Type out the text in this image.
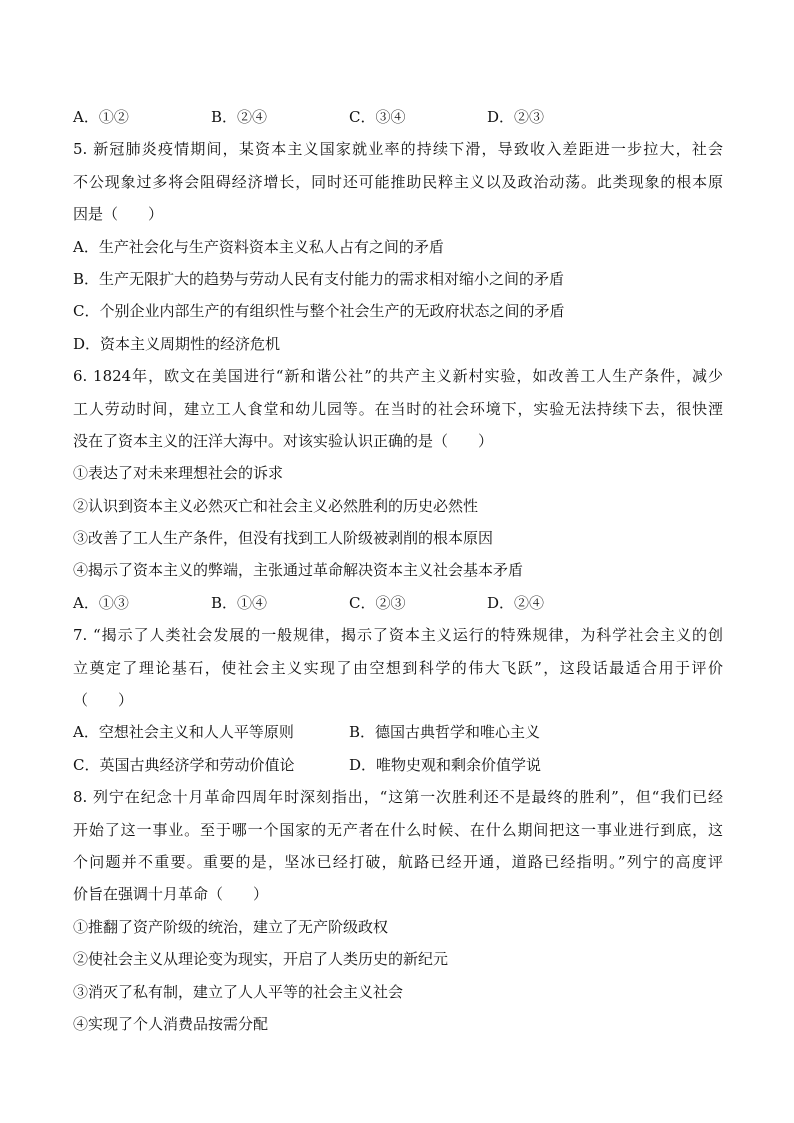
A．①②	B．②④	C．③④	D．②③
5. 新冠肺炎疫情期间，某资本主义国家就业率的持续下滑，导致收入差距进一步拉大，社会
不公现象过多将会阻碍经济增长，同时还可能推助民粹主义以及政治动荡。此类现象的根本原
因是（　　）
A．生产社会化与生产资料资本主义私人占有之间的矛盾
B．生产无限扩大的趋势与劳动人民有支付能力的需求相对缩小之间的矛盾
C．个别企业内部生产的有组织性与整个社会生产的无政府状态之间的矛盾
D．资本主义周期性的经济危机
6. 1824年，欧文在美国进行“新和谐公社”的共产主义新村实验，如改善工人生产条件，减少
工人劳动时间，建立工人食堂和幼儿园等。在当时的社会环境下，实验无法持续下去，很快湮
没在了资本主义的汪洋大海中。对该实验认识正确的是（　　）
①表达了对未来理想社会的诉求
②认识到资本主义必然灭亡和社会主义必然胜利的历史必然性
③改善了工人生产条件，但没有找到工人阶级被剥削的根本原因
④揭示了资本主义的弊端，主张通过革命解决资本主义社会基本矛盾
A．①③	B．①④	C．②③	D．②④
7. “揭示了人类社会发展的一般规律，揭示了资本主义运行的特殊规律，为科学社会主义的创
立奠定了理论基石，使社会主义实现了由空想到科学的伟大飞跃”，这段话最适合用于评价
（　　）
A．空想社会主义和人人平等原则	B．德国古典哲学和唯心主义
C．英国古典经济学和劳动价值论	D．唯物史观和剩余价值学说
8. 列宁在纪念十月革命四周年时深刻指出，“这第一次胜利还不是最终的胜利”，但“我们已经
开始了这一事业。至于哪一个国家的无产者在什么时候、在什么期间把这一事业进行到底，这
个问题并不重要。重要的是，坚冰已经打破，航路已经开通，道路已经指明。”列宁的高度评
价旨在强调十月革命（　　）
①推翻了资产阶级的统治，建立了无产阶级政权
②使社会主义从理论变为现实，开启了人类历史的新纪元
③消灭了私有制，建立了人人平等的社会主义社会
④实现了个人消费品按需分配
